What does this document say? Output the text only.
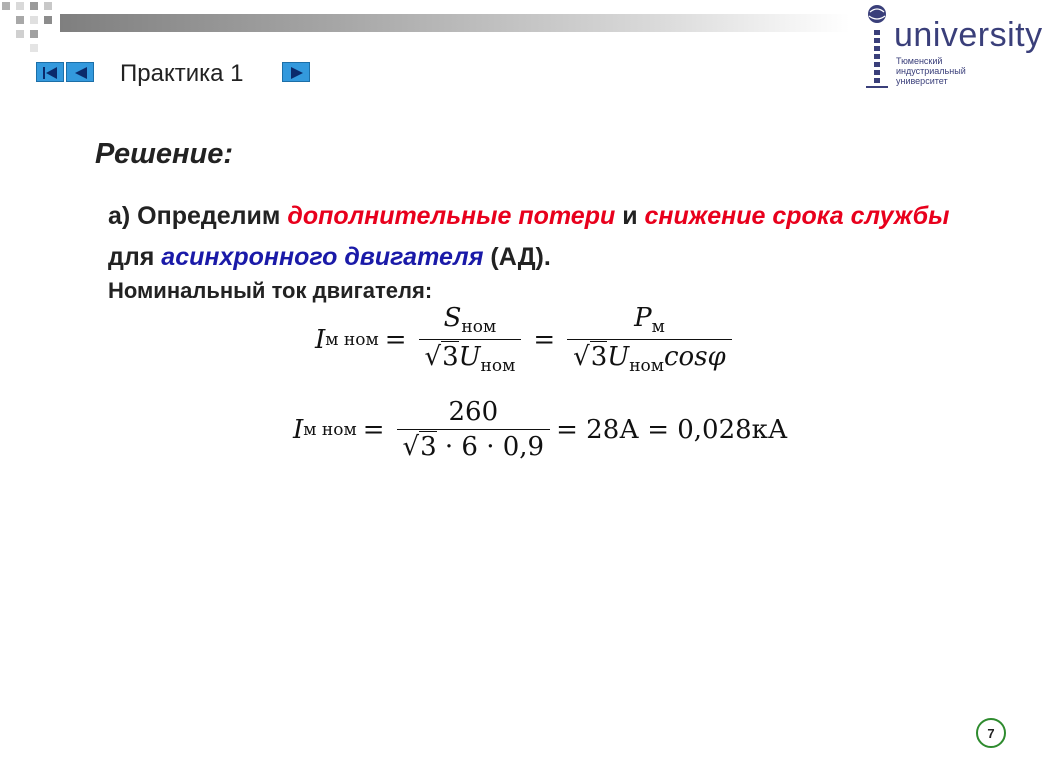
Практика 1
university
Тюменский
индустриальный
университет
Решение:
а) Определим дополнительные потери и снижение срока службы для асинхронного двигателя (АД).
Номинальный ток двигателя:
I м ном = $\frac{S_{ном}}{√3U_{ном}} = \frac{P_м}{√3U_{ном}\cos\varphi}$
I м ном = $\frac{260}{√3 \cdot 6 \cdot 0,9} = 28А = 0,028кА$
7
